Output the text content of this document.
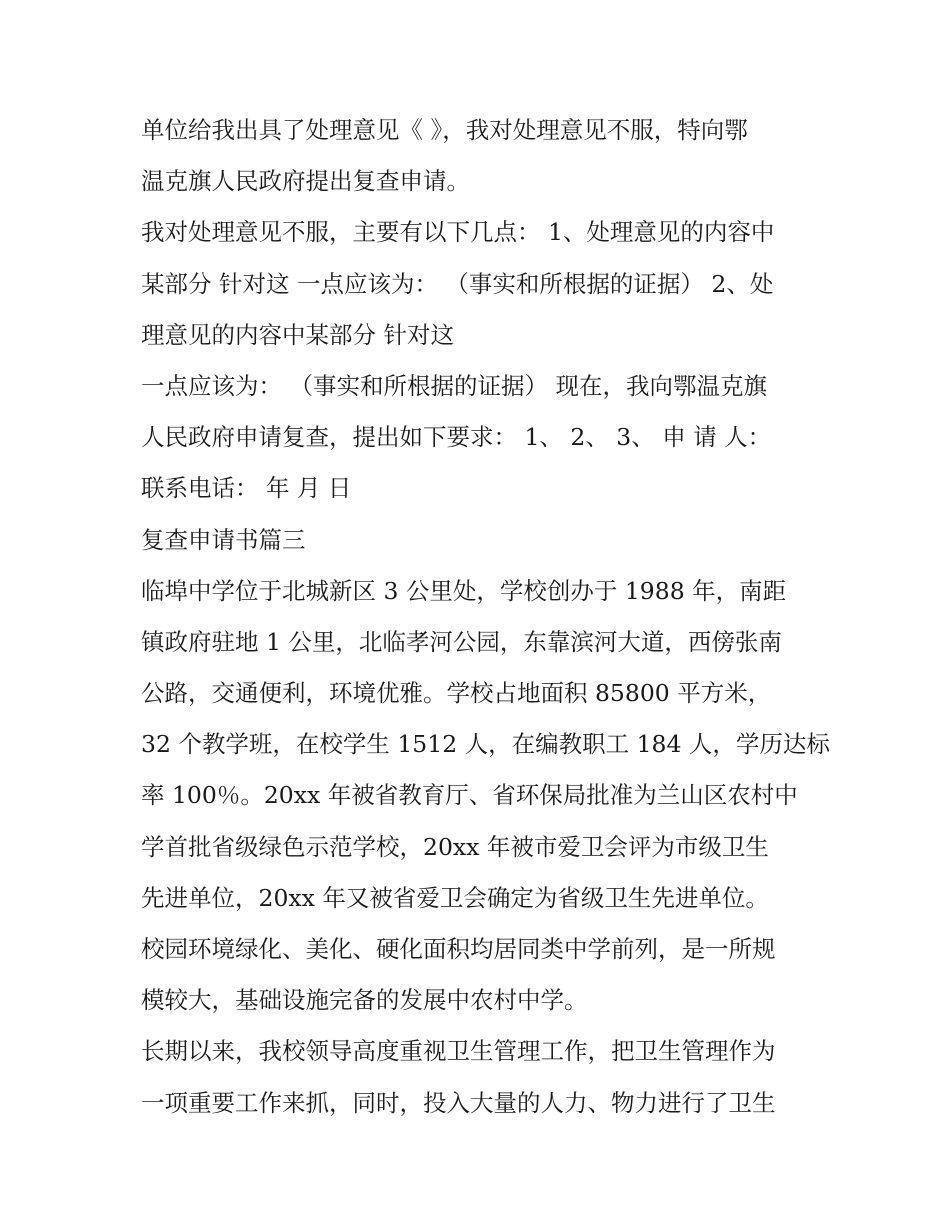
单位给我出具了处理意见《 》，我对处理意见不服，特向鄂
温克旗人民政府提出复查申请。
我对处理意见不服，主要有以下几点： 1、处理意见的内容中
某部分 针对这 一点应该为： （事实和所根据的证据） 2、处
理意见的内容中某部分 针对这
一点应该为： （事实和所根据的证据） 现在，我向鄂温克旗
人民政府申请复查，提出如下要求： 1、 2、 3、 申 请 人：
联系电话： 年 月 日
复查申请书篇三
临埠中学位于北城新区 3 公里处，学校创办于 1988 年，南距
镇政府驻地 1 公里，北临孝河公园，东靠滨河大道，西傍张南
公路，交通便利，环境优雅。学校占地面积 85800 平方米，
32 个教学班，在校学生 1512 人，在编教职工 184 人，学历达标
率 100％。20xx 年被省教育厅、省环保局批准为兰山区农村中
学首批省级绿色示范学校，20xx 年被市爱卫会评为市级卫生
先进单位，20xx 年又被省爱卫会确定为省级卫生先进单位。
校园环境绿化、美化、硬化面积均居同类中学前列，是一所规
模较大，基础设施完备的发展中农村中学。
长期以来，我校领导高度重视卫生管理工作，把卫生管理作为
一项重要工作来抓，同时，投入大量的人力、物力进行了卫生
